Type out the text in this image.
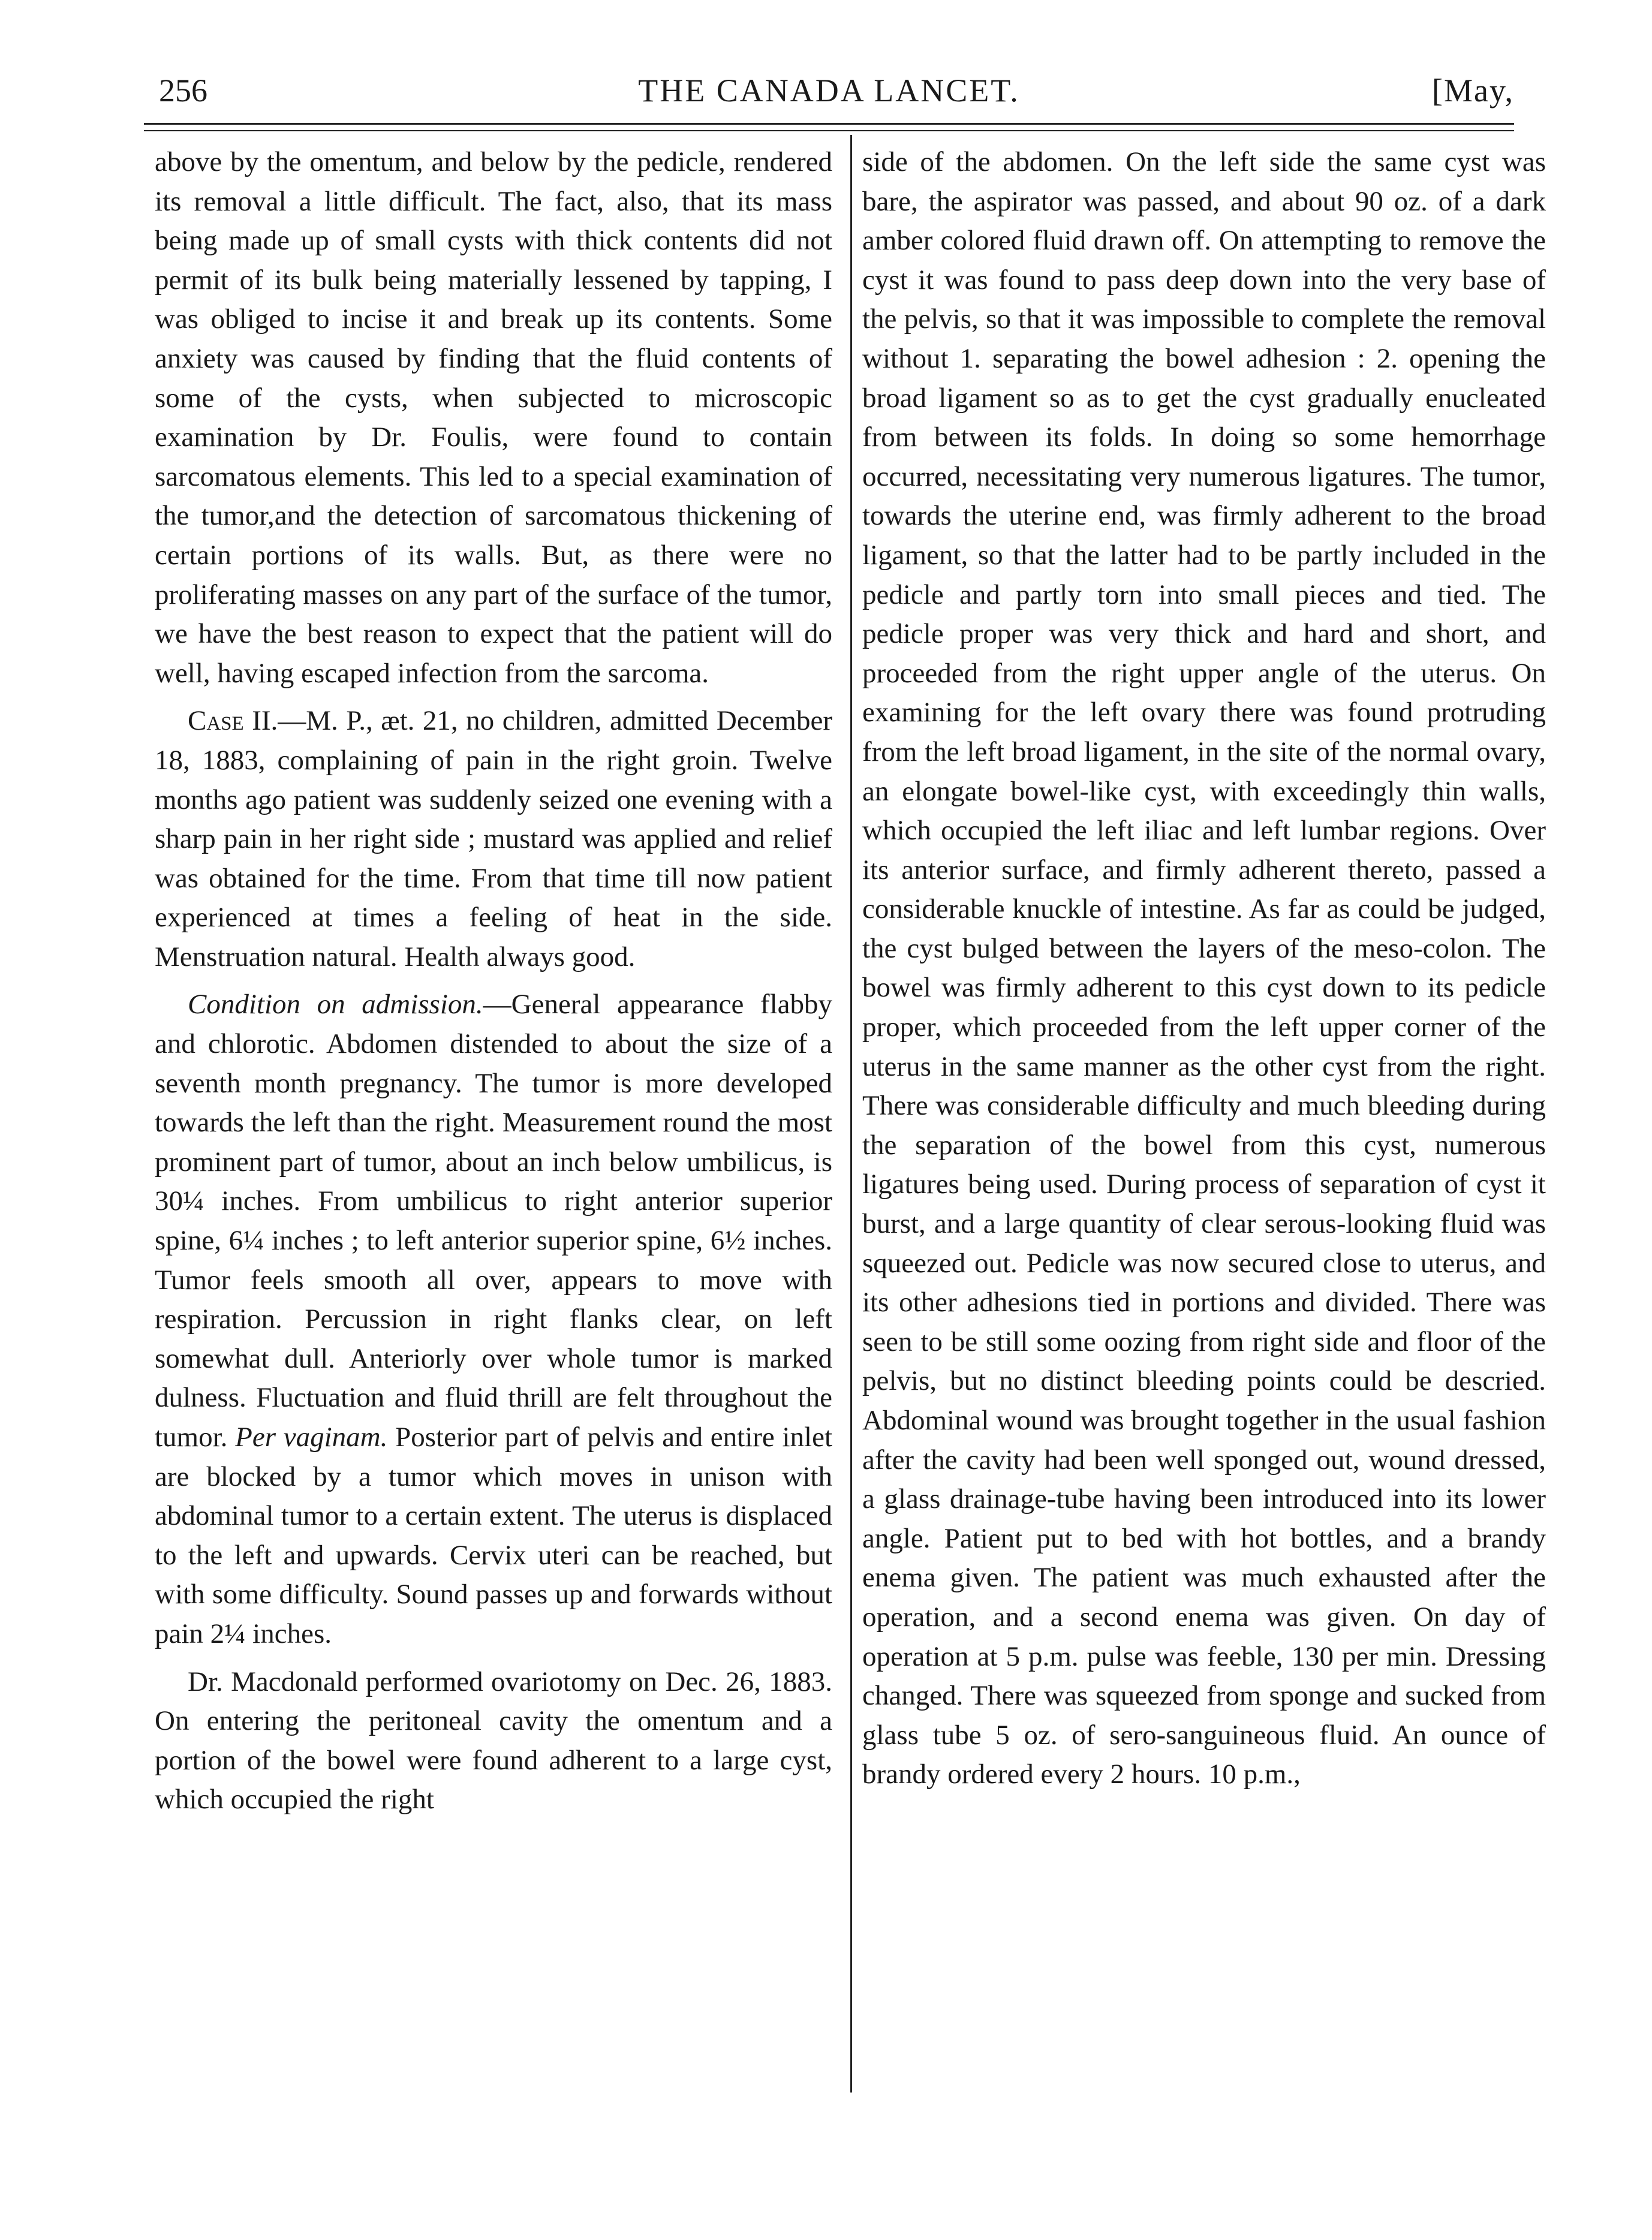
256	THE CANADA LANCET.	[May,

above by the omentum, and below by the pedicle, rendered its removal a little difficult. The fact, also, that its mass being made up of small cysts with thick contents did not permit of its bulk being materially lessened by tapping, I was obliged to incise it and break up its contents. Some anxiety was caused by finding that the fluid contents of some of the cysts, when subjected to microscopic examination by Dr. Foulis, were found to contain sarcomatous elements. This led to a special examination of the tumor,and the detection of sarcomatous thickening of certain portions of its walls. But, as there were no proliferating masses on any part of the surface of the tumor, we have the best reason to expect that the patient will do well, having escaped infection from the sarcoma.

Case II.—M. P., æt. 21, no children, admitted December 18, 1883, complaining of pain in the right groin. Twelve months ago patient was suddenly seized one evening with a sharp pain in her right side ; mustard was applied and relief was obtained for the time. From that time till now patient experienced at times a feeling of heat in the side. Menstruation natural. Health always good.

Condition on admission.—General appearance flabby and chlorotic. Abdomen distended to about the size of a seventh month pregnancy. The tumor is more developed towards the left than the right. Measurement round the most prominent part of tumor, about an inch below umbilicus, is 30¼ inches. From umbilicus to right anterior superior spine, 6¼ inches ; to left anterior superior spine, 6½ inches. Tumor feels smooth all over, appears to move with respiration. Percussion in right flanks clear, on left somewhat dull. Anteriorly over whole tumor is marked dulness. Fluctuation and fluid thrill are felt throughout the tumor. Per vaginam. Posterior part of pelvis and entire inlet are blocked by a tumor which moves in unison with abdominal tumor to a certain extent. The uterus is displaced to the left and upwards. Cervix uteri can be reached, but with some difficulty. Sound passes up and forwards without pain 2¼ inches.

Dr. Macdonald performed ovariotomy on Dec. 26, 1883. On entering the peritoneal cavity the omentum and a portion of the bowel were found adherent to a large cyst, which occupied the right

side of the abdomen. On the left side the same cyst was bare, the aspirator was passed, and about 90 oz. of a dark amber colored fluid drawn off. On attempting to remove the cyst it was found to pass deep down into the very base of the pelvis, so that it was impossible to complete the removal without 1. separating the bowel adhesion : 2. opening the broad ligament so as to get the cyst gradually enucleated from between its folds. In doing so some hemorrhage occurred, necessitating very numerous ligatures. The tumor, towards the uterine end, was firmly adherent to the broad ligament, so that the latter had to be partly included in the pedicle and partly torn into small pieces and tied. The pedicle proper was very thick and hard and short, and proceeded from the right upper angle of the uterus. On examining for the left ovary there was found protruding from the left broad ligament, in the site of the normal ovary, an elongate bowel-like cyst, with exceedingly thin walls, which occupied the left iliac and left lumbar regions. Over its anterior surface, and firmly adherent thereto, passed a considerable knuckle of intestine. As far as could be judged, the cyst bulged between the layers of the meso-colon. The bowel was firmly adherent to this cyst down to its pedicle proper, which proceeded from the left upper corner of the uterus in the same manner as the other cyst from the right. There was considerable difficulty and much bleeding during the separation of the bowel from this cyst, numerous ligatures being used. During process of separation of cyst it burst, and a large quantity of clear serous-looking fluid was squeezed out. Pedicle was now secured close to uterus, and its other adhesions tied in portions and divided. There was seen to be still some oozing from right side and floor of the pelvis, but no distinct bleeding points could be descried. Abdominal wound was brought together in the usual fashion after the cavity had been well sponged out, wound dressed, a glass drainage-tube having been introduced into its lower angle. Patient put to bed with hot bottles, and a brandy enema given. The patient was much exhausted after the operation, and a second enema was given. On day of operation at 5 p.m. pulse was feeble, 130 per min. Dressing changed. There was squeezed from sponge and sucked from glass tube 5 oz. of sero-sanguineous fluid. An ounce of brandy ordered every 2 hours. 10 p.m.,
